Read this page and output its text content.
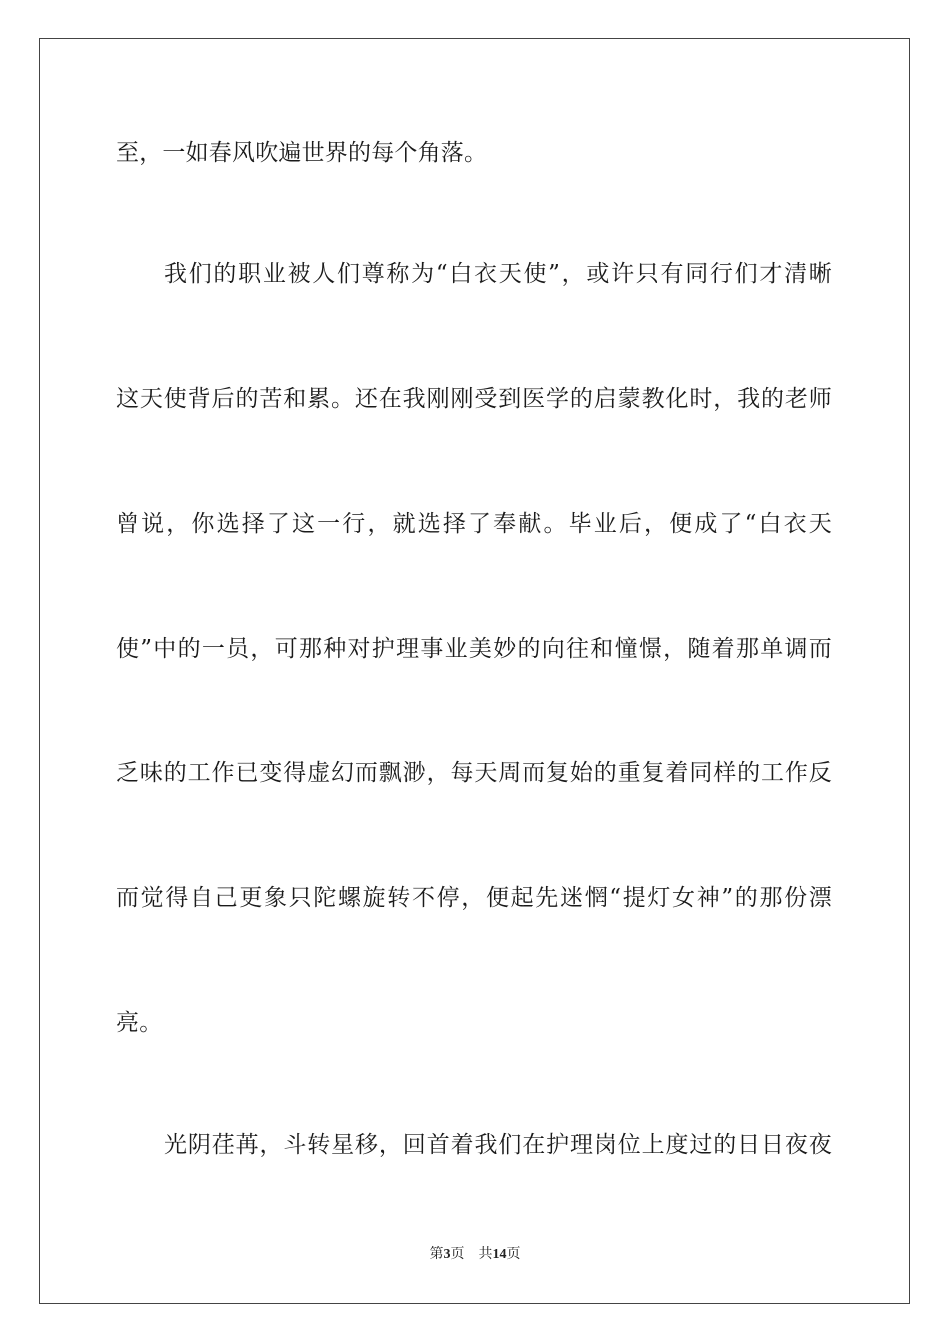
至，一如春风吹遍世界的每个角落。
我们的职业被人们尊称为“白衣天使”，或许只有同行们才清晰
这天使背后的苦和累。还在我刚刚受到医学的启蒙教化时，我的老师
曾说，你选择了这一行，就选择了奉献。毕业后，便成了“白衣天
使”中的一员，可那种对护理事业美妙的向往和憧憬，随着那单调而
乏味的工作已变得虚幻而飘渺，每天周而复始的重复着同样的工作反
而觉得自己更象只陀螺旋转不停，便起先迷惘“提灯女神”的那份漂
亮。
光阴荏苒，斗转星移，回首着我们在护理岗位上度过的日日夜夜
第3页 共14页
